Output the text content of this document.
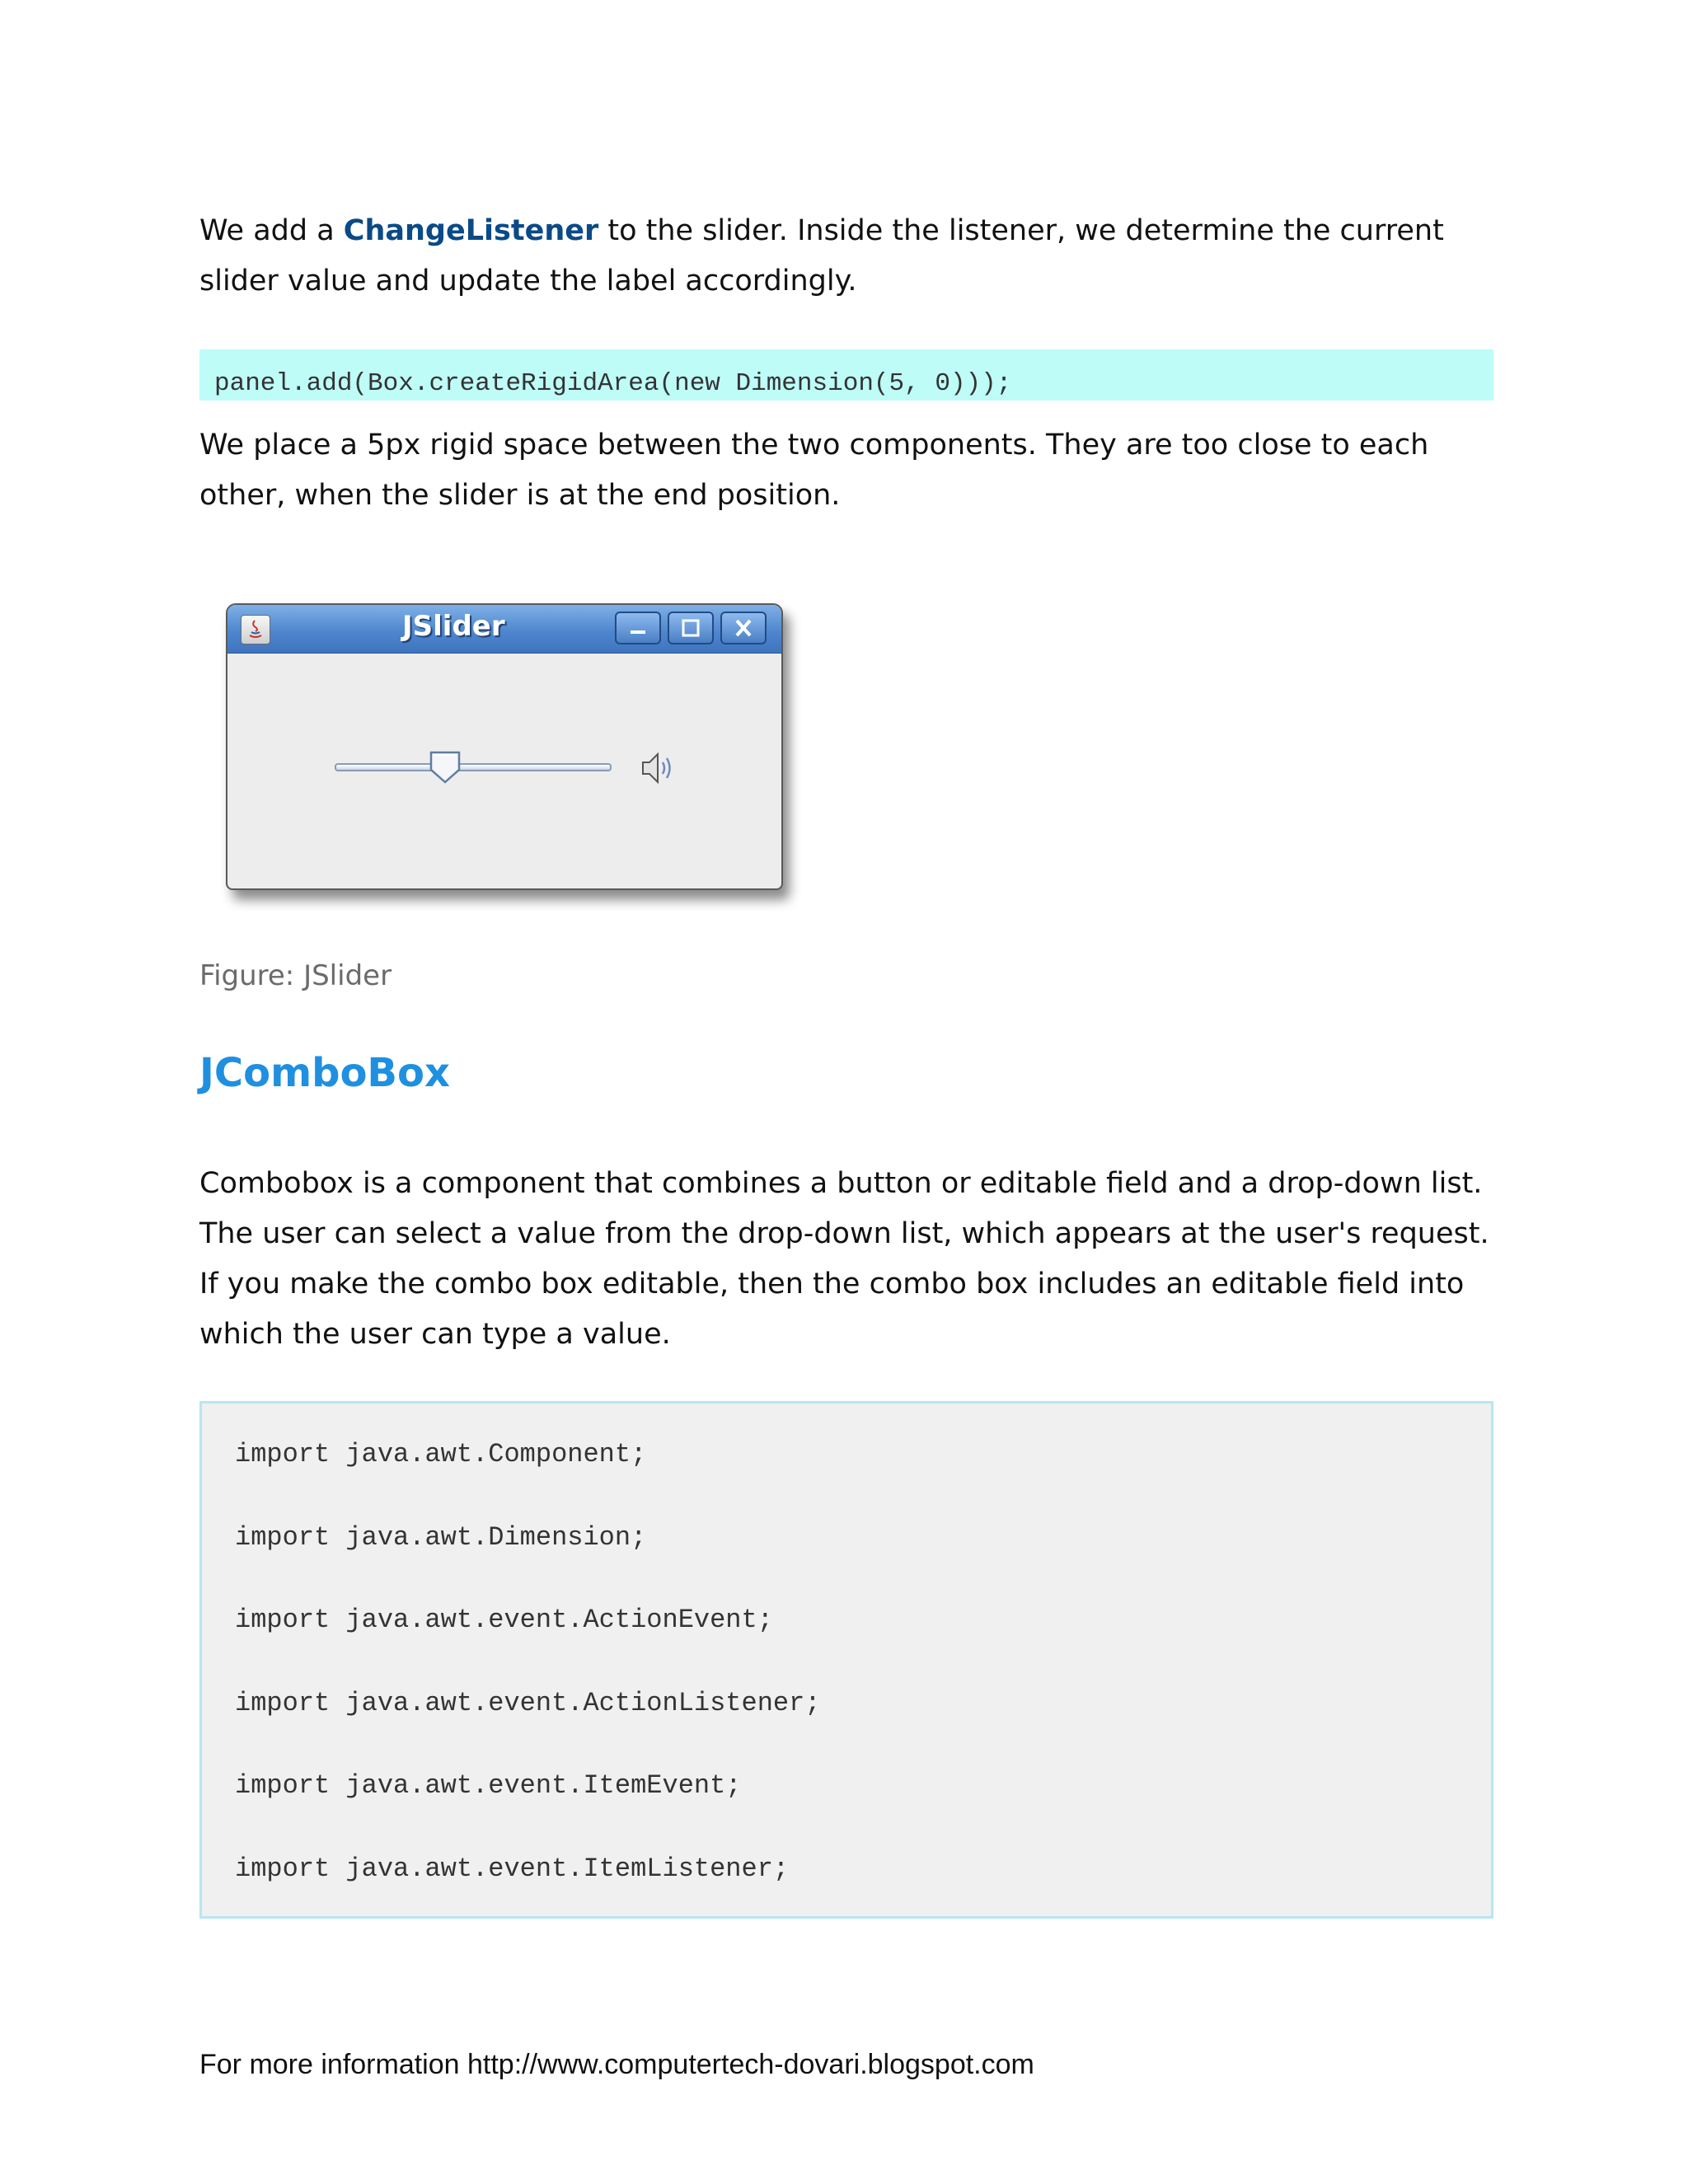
We add a ChangeListener to the slider. Inside the listener, we determine the current slider value and update the label accordingly.

panel.add(Box.createRigidArea(new Dimension(5, 0)));

We place a 5px rigid space between the two components. They are too close to each other, when the slider is at the end position.

JSlider

Figure: JSlider

JComboBox

Combobox is a component that combines a button or editable field and a drop-down list. The user can select a value from the drop-down list, which appears at the user's request. If you make the combo box editable, then the combo box includes an editable field into which the user can type a value.

import java.awt.Component;
import java.awt.Dimension;
import java.awt.event.ActionEvent;
import java.awt.event.ActionListener;
import java.awt.event.ItemEvent;
import java.awt.event.ItemListener;

For more information http://www.computertech-dovari.blogspot.com
